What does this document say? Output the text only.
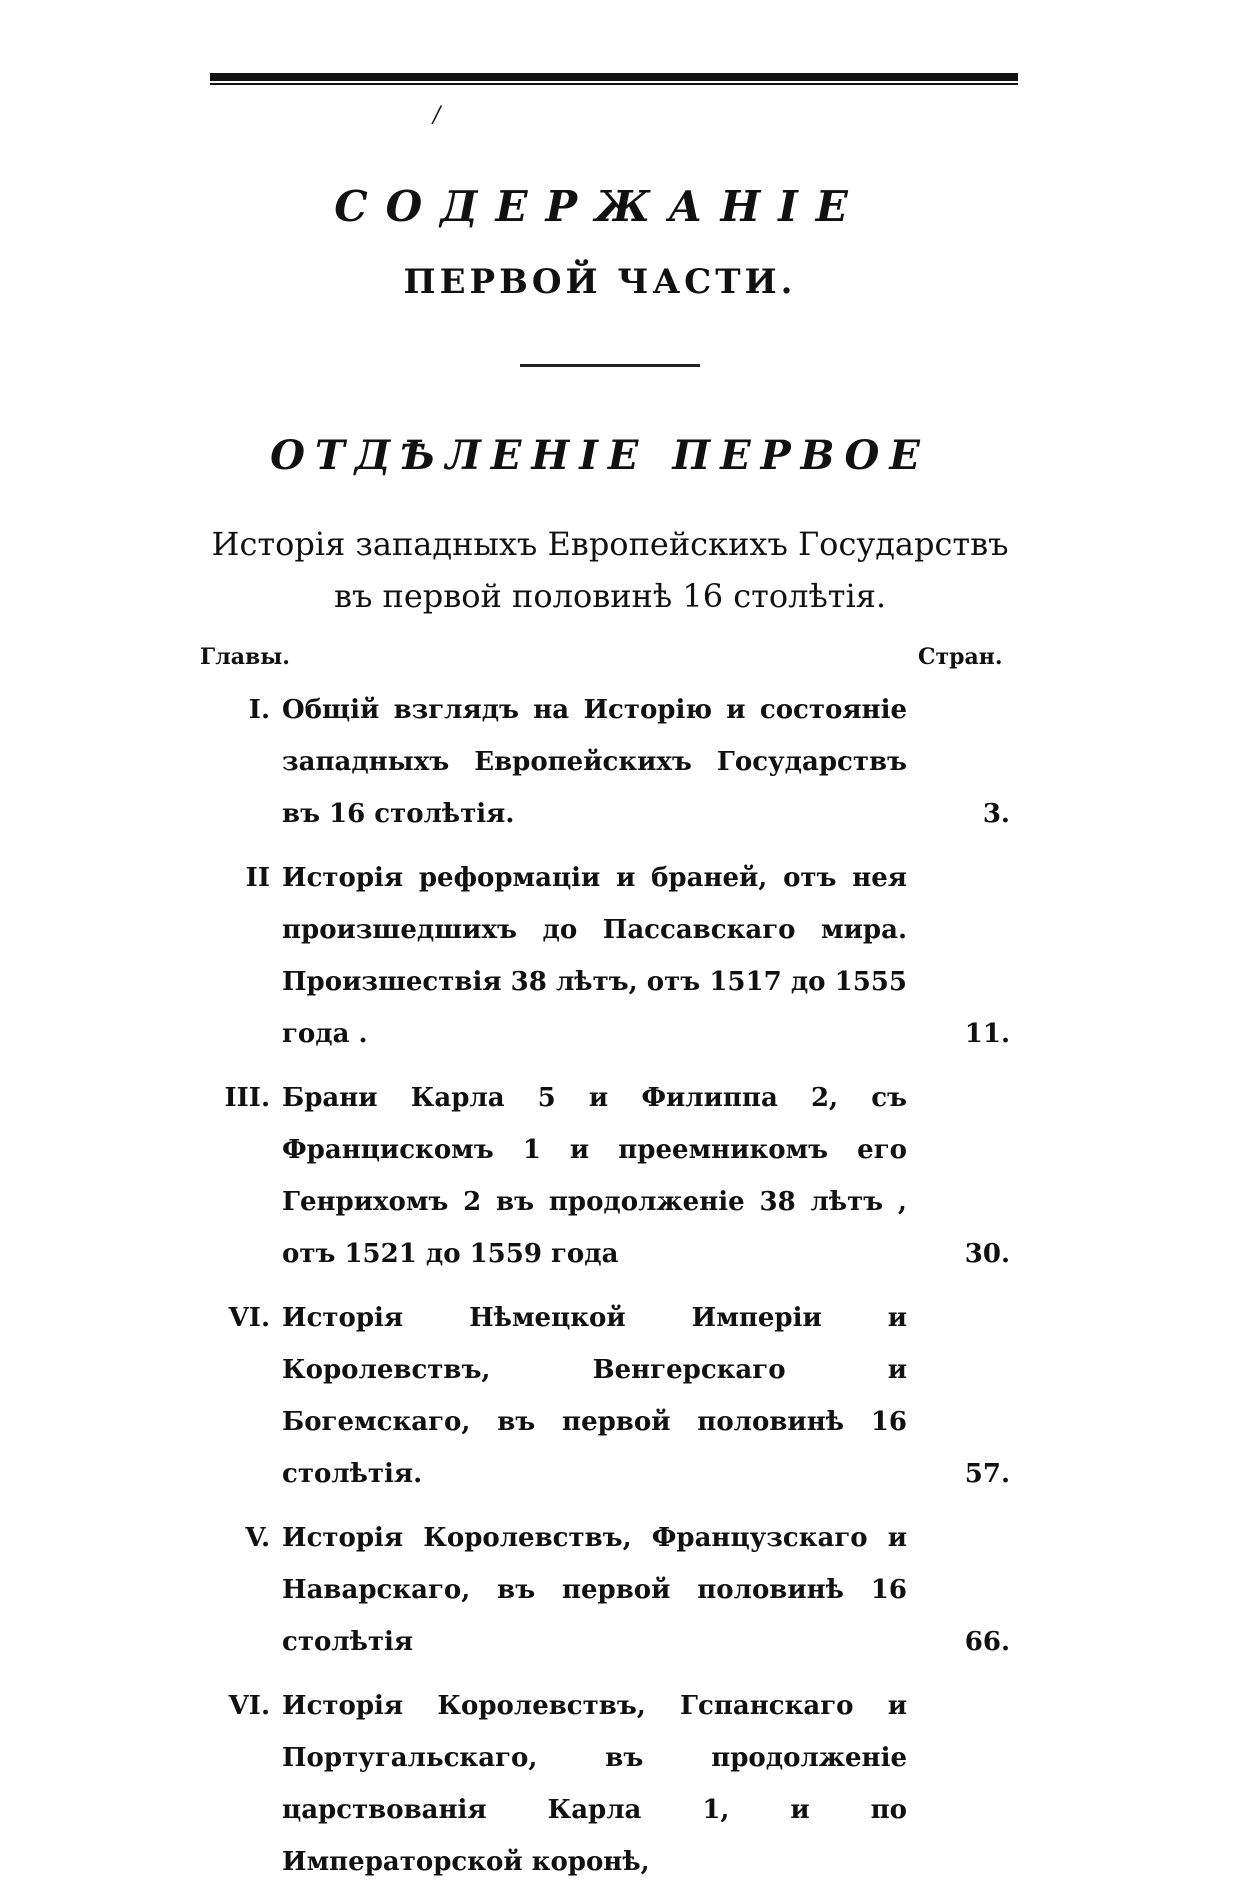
/
СОДЕРЖАНІЕ
ПЕРВОЙ ЧАСТИ.
ОТДѢЛЕНІЕ ПЕРВОЕ
Исторія западныхъ Европейскихъ Государствъ
въ первой половинѣ 16 столѣтія.
Главы.	Стран.
I. Общій взглядъ на Исторію и состояніе западныхъ Европейскихъ Государствъ въ 16 столѣтія.	3.
II Исторія реформаціи и браней, отъ нея произшедшихъ до Пассавскаго мира. Произшествія 38 лѣтъ, отъ 1517 до 1555 года .	11.
III. Брани Карла 5 и Филиппа 2, съ Францискомъ 1 и преемникомъ его Генрихомъ 2 въ продолженіе 38 лѣтъ , отъ 1521 до 1559 года	30.
VI. Исторія Нѣмецкой Имперіи и Королевствъ, Венгерскаго и Богемскаго, въ первой половинѣ 16 столѣтія.	57.
V. Исторія Королевствъ, Французскаго и Наварскаго, въ первой половинѣ 16 столѣтія	66.
VI. Исторія Королевствъ, Гспанскаго и Португальскаго, въ продолженіе царствованія Карла 1, и по Императорской коронѣ,
